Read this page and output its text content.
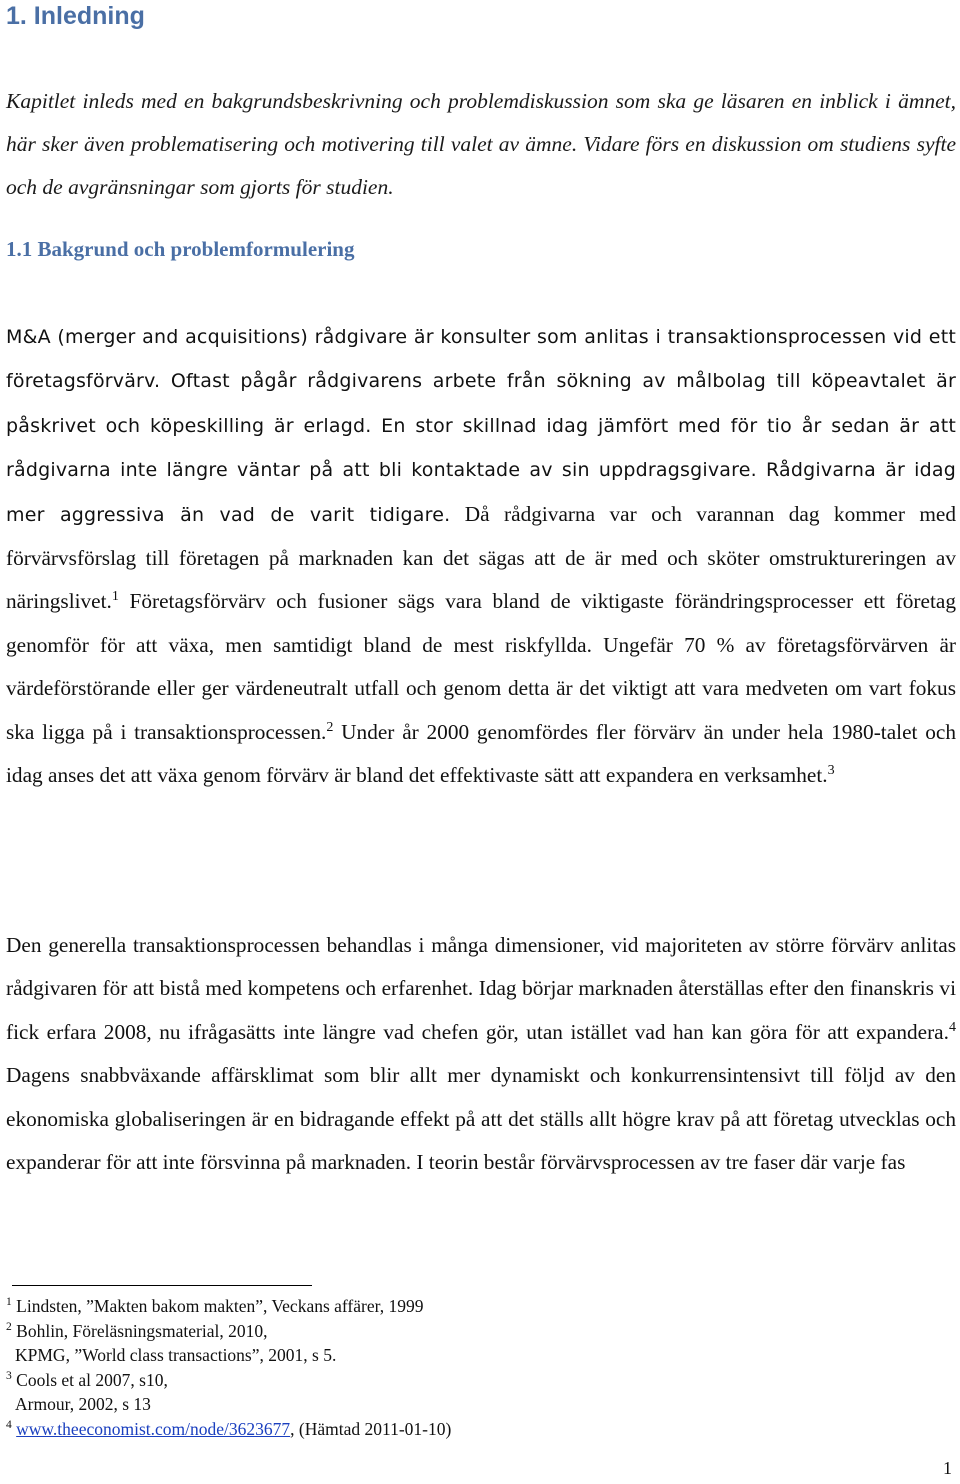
1. Inledning

Kapitlet inleds med en bakgrundsbeskrivning och problemdiskussion som ska ge läsaren en inblick i ämnet, här sker även problematisering och motivering till valet av ämne. Vidare förs en diskussion om studiens syfte och de avgränsningar som gjorts för studien.

1.1 Bakgrund och problemformulering

M&A (merger and acquisitions) rådgivare är konsulter som anlitas i transaktionsprocessen vid ett företagsförvärv. Oftast pågår rådgivarens arbete från sökning av målbolag till köpeavtalet är påskrivet och köpeskilling är erlagd. En stor skillnad idag jämfört med för tio år sedan är att rådgivarna inte längre väntar på att bli kontaktade av sin uppdragsgivare. Rådgivarna är idag mer aggressiva än vad de varit tidigare. Då rådgivarna var och varannan dag kommer med förvärvsförslag till företagen på marknaden kan det sägas att de är med och sköter omstruktureringen av näringslivet.$^1$ Företagsförvärv och fusioner sägs vara bland de viktigaste förändringsprocesser ett företag genomför för att växa, men samtidigt bland de mest riskfyllda. Ungefär 70 % av företagsförvärven är värdeförstörande eller ger värdeneutralt utfall och genom detta är det viktigt att vara medveten om vart fokus ska ligga på i transaktionsprocessen.$^2$ Under år 2000 genomfördes fler förvärv än under hela 1980-talet och idag anses det att växa genom förvärv är bland det effektivaste sätt att expandera en verksamhet.$^3$

Den generella transaktionsprocessen behandlas i många dimensioner, vid majoriteten av större förvärv anlitas rådgivaren för att bistå med kompetens och erfarenhet. Idag börjar marknaden återställas efter den finanskris vi fick erfara 2008, nu ifrågasätts inte längre vad chefen gör, utan istället vad han kan göra för att expandera.$^4$ Dagens snabbväxande affärsklimat som blir allt mer dynamiskt och konkurrensintensivt till följd av den ekonomiska globaliseringen är en bidragande effekt på att det ställs allt högre krav på att företag utvecklas och expanderar för att inte försvinna på marknaden. I teorin består förvärvsprocessen av tre faser där varje fas

$^1$ Lindsten, ”Makten bakom makten”, Veckans affärer, 1999
$^2$ Bohlin, Föreläsningsmaterial, 2010,
KPMG, ”World class transactions”, 2001, s 5.
$^3$ Cools et al 2007, s10,
Armour, 2002, s 13
$^4$ www.theeconomist.com/node/3623677, (Hämtad 2011-01-10)
1
